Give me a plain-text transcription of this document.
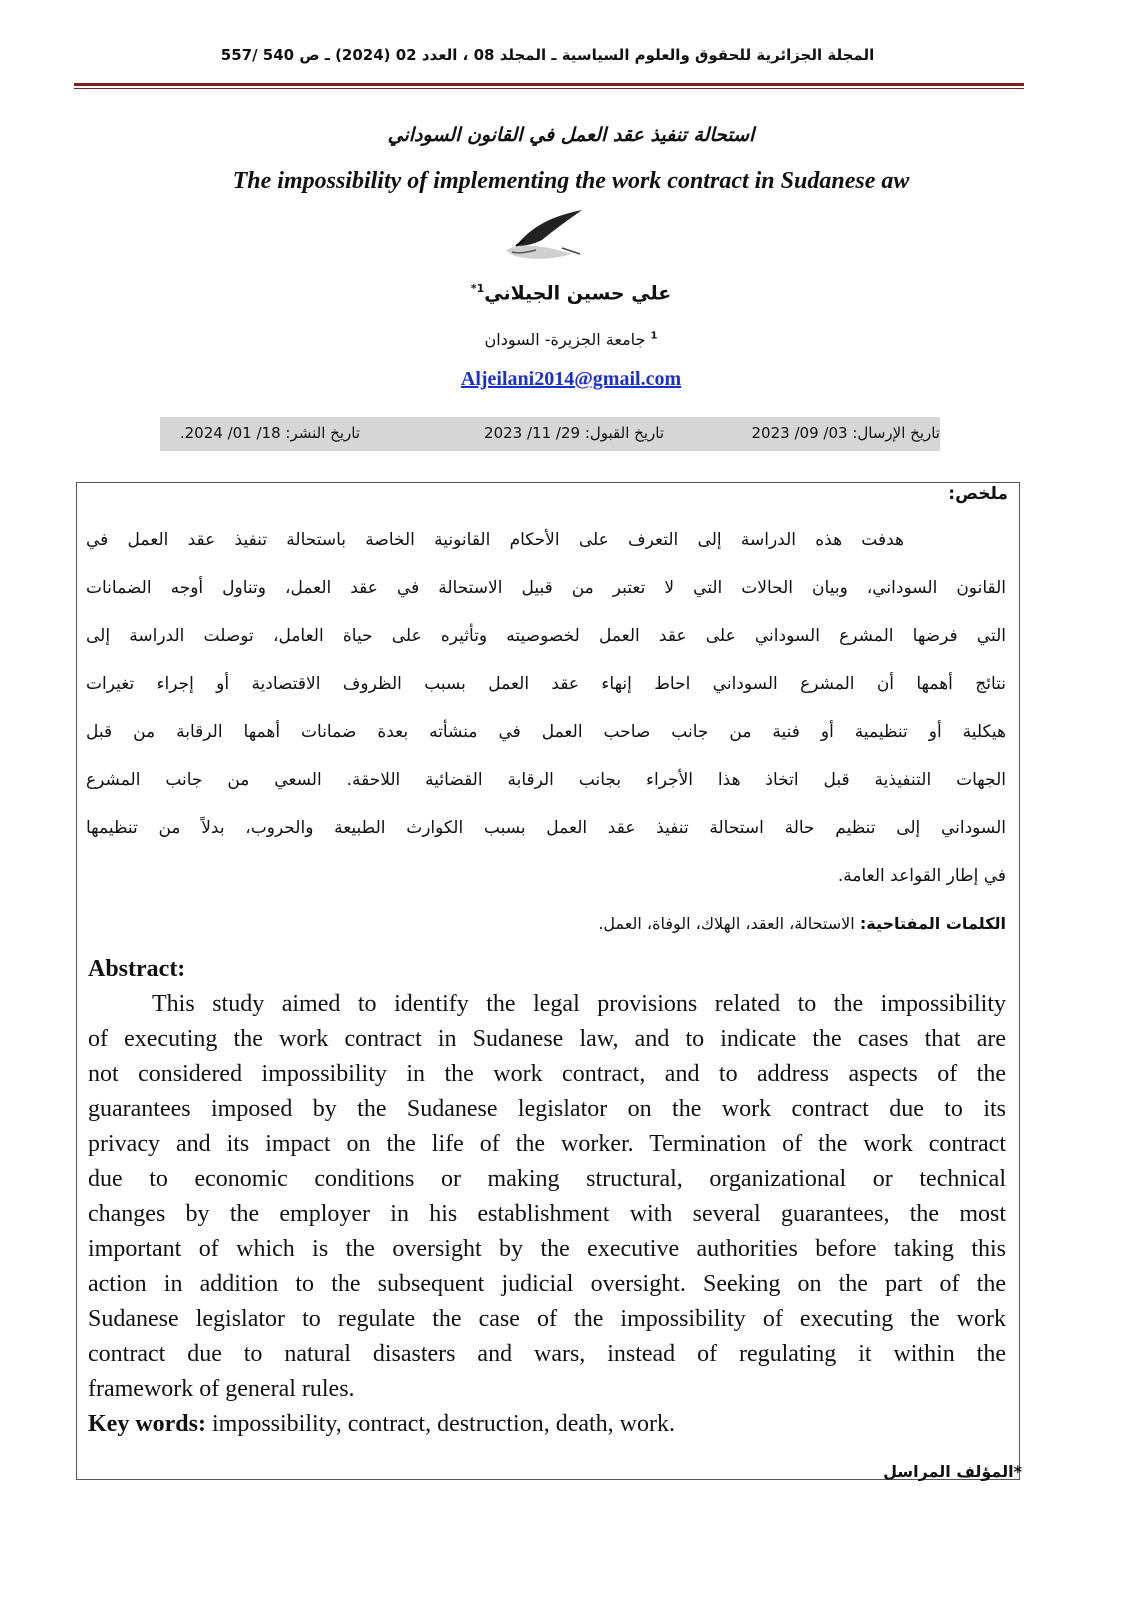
المجلة الجزائرية للحقوق والعلوم السياسية ـ المجلد 08 ، العدد 02 (2024) ـ ص 540 /557
استحالة تنفيذ عقد العمل في القانون السوداني
The impossibility of implementing the work contract in Sudanese aw
علي حسين الجيلاني$^{1*}$
$^1$ جامعة الجزيرة- السودان
Aljeilani2014@gmail.com
تاريخ الإرسال: 03/ 09/ 2023
تاريخ القبول: 29/ 11/ 2023
تاريخ النشر: 18/ 01/ 2024.
ملخص:
هدفت هذه الدراسة إلى التعرف على الأحكام القانونية الخاصة باستحالة تنفيذ عقد العمل في
القانون السوداني، وبيان الحالات التي لا تعتبر من قبيل الاستحالة في عقد العمل، وتناول أوجه الضمانات
التي فرضها المشرع السوداني على عقد العمل لخصوصيته وتأثيره على حياة العامل، توصلت الدراسة إلى
نتائج أهمها أن المشرع السوداني احاط إنهاء عقد العمل بسبب الظروف الاقتصادية أو إجراء تغيرات
هيكلية أو تنظيمية أو فنية من جانب صاحب العمل في منشأته بعدة ضمانات أهمها الرقابة من قبل
الجهات التنفيذية قبل اتخاذ هذا الأجراء بجانب الرقابة القضائية اللاحقة. السعي من جانب المشرع
السوداني إلى تنظيم حالة استحالة تنفيذ عقد العمل بسبب الكوارث الطبيعة والحروب، بدلاً من تنظيمها
في إطار القواعد العامة.
الكلمات المفتاحية: الاستحالة، العقد، الهلاك، الوفاة، العمل.
Abstract:
This study aimed to identify the legal provisions related to the impossibility
of executing the work contract in Sudanese law, and to indicate the cases that are
not considered impossibility in the work contract, and to address aspects of the
guarantees imposed by the Sudanese legislator on the work contract due to its
privacy and its impact on the life of the worker. Termination of the work contract
due to economic conditions or making structural, organizational or technical
changes by the employer in his establishment with several guarantees, the most
important of which is the oversight by the executive authorities before taking this
action in addition to the subsequent judicial oversight. Seeking on the part of the
Sudanese legislator to regulate the case of the impossibility of executing the work
contract due to natural disasters and wars, instead of regulating it within the
framework of general rules.
Key words: impossibility, contract, destruction, death, work.
*المؤلف المراسل
